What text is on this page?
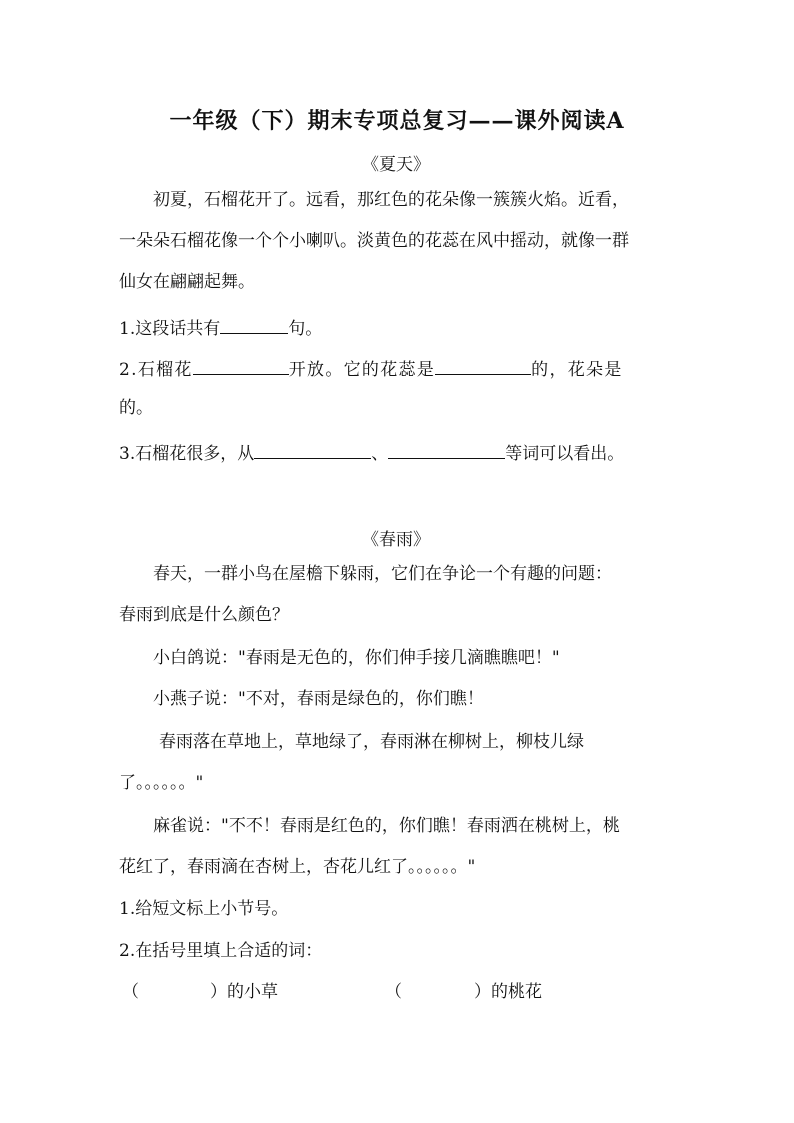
一年级（下）期末专项总复习——课外阅读A
《夏天》
初夏，石榴花开了。远看，那红色的花朵像一簇簇火焰。近看，
一朵朵石榴花像一个个小喇叭。淡黄色的花蕊在风中摇动，就像一群
仙女在翩翩起舞。
1.这段话共有	句。
2.石榴花	开放。它的花蕊是	的，花朵是
的。
3.石榴花很多，从	、	等词可以看出。
《春雨》
春天，一群小鸟在屋檐下躲雨，它们在争论一个有趣的问题：
春雨到底是什么颜色？
小白鸽说："春雨是无色的，你们伸手接几滴瞧瞧吧！"
小燕子说："不对，春雨是绿色的，你们瞧！
春雨落在草地上，草地绿了，春雨淋在柳树上，柳枝儿绿
了。。。。。。"
麻雀说："不不！春雨是红色的，你们瞧！春雨洒在桃树上，桃
花红了，春雨滴在杏树上，杏花儿红了。。。。。。"
1.给短文标上小节号。
2.在括号里填上合适的词：
（	）的小草	（	）的桃花
